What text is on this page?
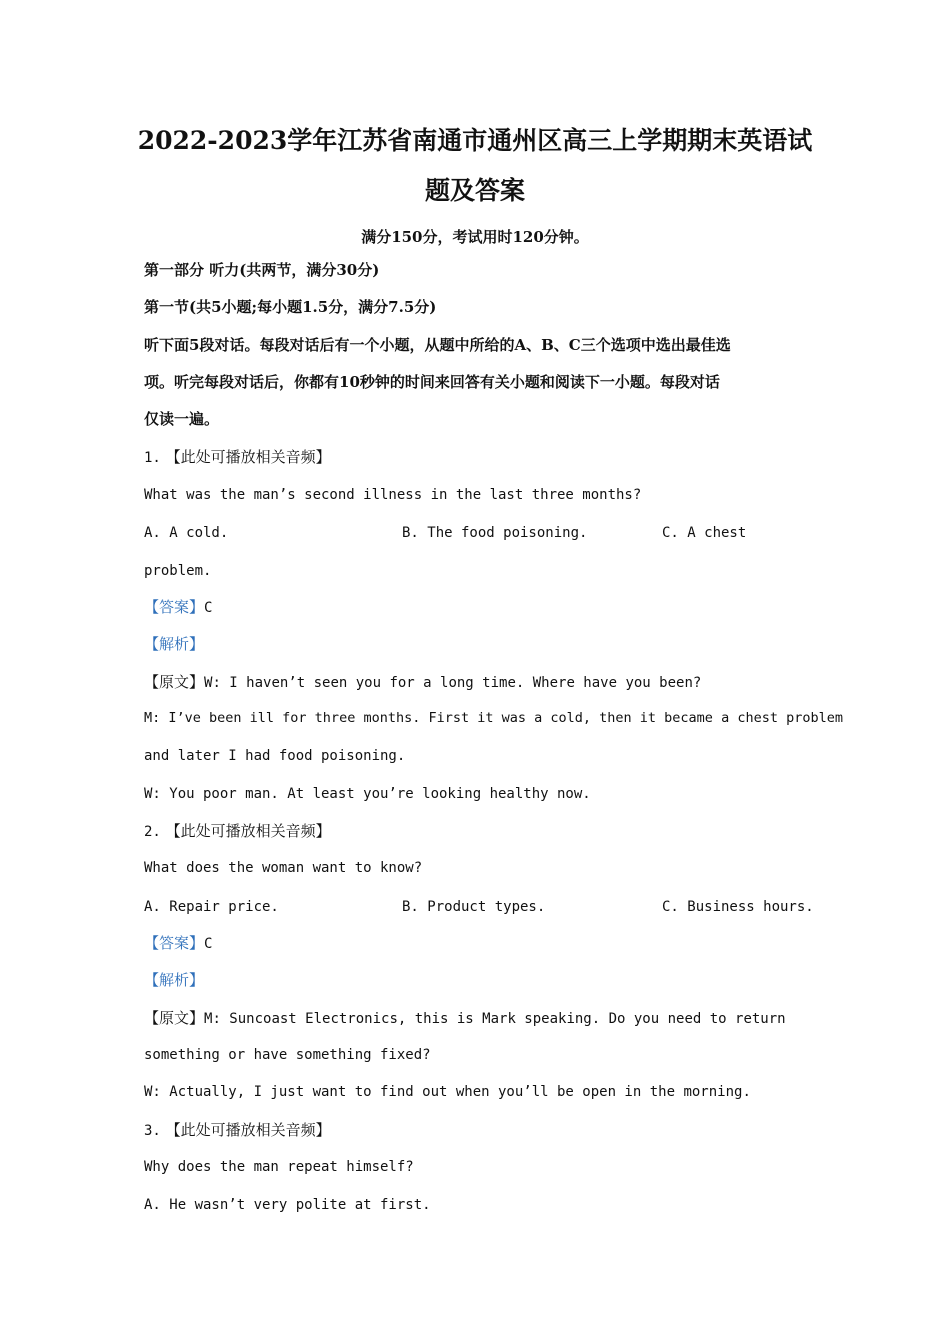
2022-2023学年江苏省南通市通州区高三上学期期末英语试
题及答案
满分150分，考试用时120分钟。
第一部分 听力(共两节，满分30分)
第一节(共5小题;每小题1.5分，满分7.5分)
听下面5段对话。每段对话后有一个小题，从题中所给的A、B、C三个选项中选出最佳选
项。听完每段对话后，你都有10秒钟的时间来回答有关小题和阅读下一小题。每段对话
仅读一遍。
1. 【此处可播放相关音频】
What was the man’s second illness in the last three months?
A. A cold.	B. The food poisoning.	C. A chest
problem.
【答案】C
【解析】
【原文】W: I haven’t seen you for a long time. Where have you been?
M: I’ve been ill for three months. First it was a cold, then it became a chest problem
and later I had food poisoning.
W: You poor man. At least you’re looking healthy now.
2. 【此处可播放相关音频】
What does the woman want to know?
A. Repair price.	B. Product types.	C. Business hours.
【答案】C
【解析】
【原文】M: Suncoast Electronics, this is Mark speaking. Do you need to return
something or have something fixed?
W: Actually, I just want to find out when you’ll be open in the morning.
3. 【此处可播放相关音频】
Why does the man repeat himself?
A. He wasn’t very polite at first.
